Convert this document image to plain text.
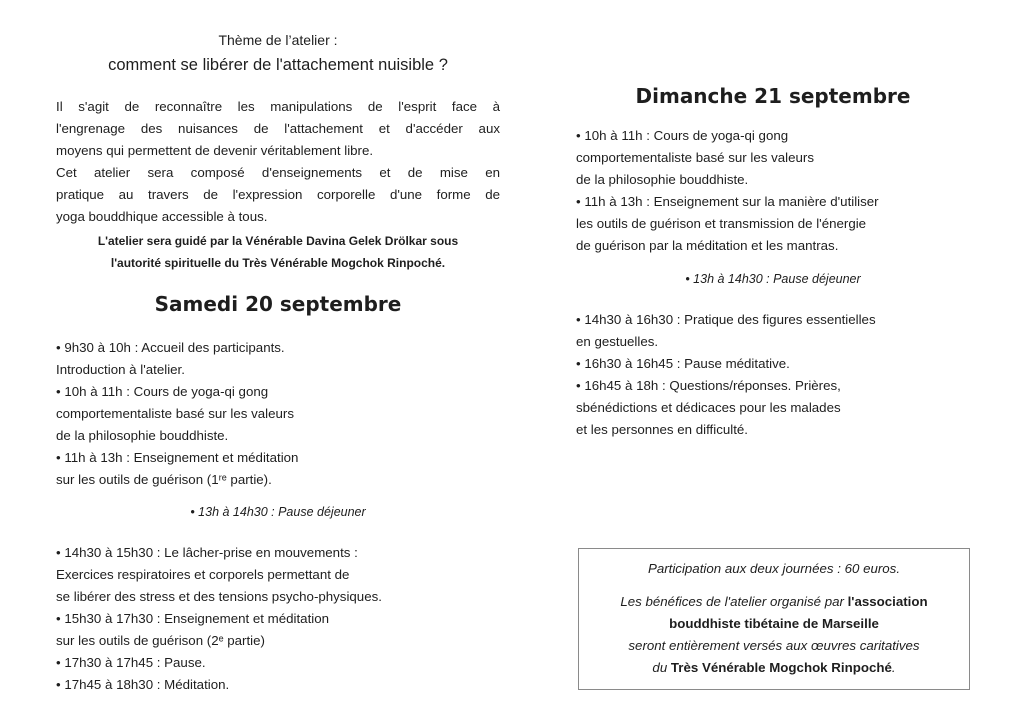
Thème de l’atelier :
comment se libérer de l'attachement nuisible ?

Il s'agit de reconnaître les manipulations de l'esprit face à

l'engrenage des nuisances de l'attachement et d'accéder aux

moyens qui permettent de devenir véritablement libre.

Cet atelier sera composé d'enseignements et de mise en

pratique au travers de l'expression corporelle d'une forme de

yoga bouddhique accessible à tous.

L'atelier sera guidé par la Vénérable Davina Gelek Drölkar sous
l'autorité spirituelle du Très Vénérable Mogchok Rinpoché.
Samedi 20 septembre
• 9h30 à 10h : Accueil des participants.
Introduction à l'atelier.
• 10h à 11h : Cours de yoga-qi gong
comportementaliste basé sur les valeurs
de la philosophie bouddhiste.
• 11h à 13h : Enseignement et méditation
sur les outils de guérison (1ʳᵉ partie).
• 13h à 14h30 : Pause déjeuner
• 14h30 à 15h30 : Le lâcher-prise en mouvements :
Exercices respiratoires et corporels permettant de
se libérer des stress et des tensions psycho-physiques.
• 15h30 à 17h30 : Enseignement et méditation
sur les outils de guérison (2ᵉ partie)
• 17h30 à 17h45 : Pause.
• 17h45 à 18h30 : Méditation.
Dimanche 21 septembre
• 10h à 11h : Cours de yoga-qi gong
comportementaliste basé sur les valeurs
de la philosophie bouddhiste.
• 11h à 13h : Enseignement sur la manière d'utiliser
les outils de guérison et transmission de l'énergie
de guérison par la méditation et les mantras.
• 13h à 14h30 : Pause déjeuner
• 14h30 à 16h30 : Pratique des figures essentielles
en gestuelles.
• 16h30 à 16h45 : Pause méditative.
• 16h45 à 18h : Questions/réponses. Prières,
sbénédictions et dédicaces pour les malades
et les personnes en difficulté.
Participation aux deux journées : 60 euros.
Les bénéfices de l'atelier organisé par l'association
bouddhiste tibétaine de Marseille
seront entièrement versés aux œuvres caritatives
du Très Vénérable Mogchok Rinpoché.
